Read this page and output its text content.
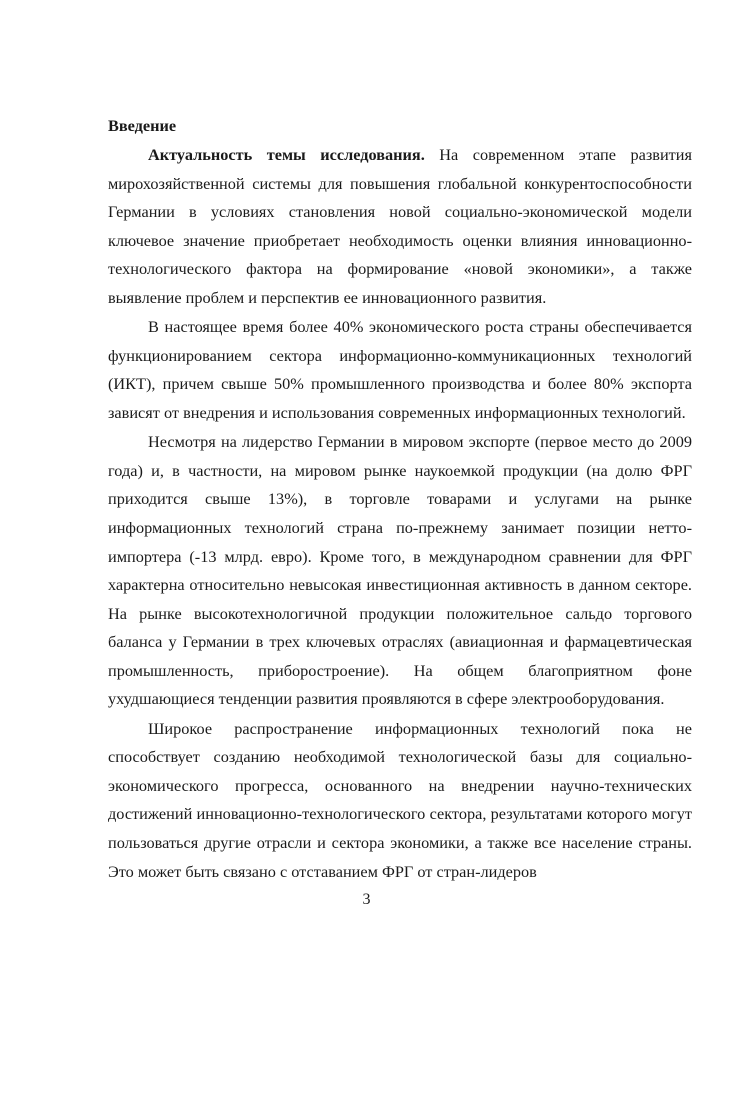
Введение

Актуальность темы исследования. На современном этапе развития мирохозяйственной системы для повышения глобальной конкурентоспособности Германии в условиях становления новой социально-экономической модели ключевое значение приобретает необходимость оценки влияния инновационно-технологического фактора на формирование «новой экономики», а также выявление проблем и перспектив ее инновационного развития.

В настоящее время более 40% экономического роста страны обеспечивается функционированием сектора информационно-коммуникационных технологий (ИКТ), причем свыше 50% промышленного производства и более 80% экспорта зависят от внедрения и использования современных информационных технологий.

Несмотря на лидерство Германии в мировом экспорте (первое место до 2009 года) и, в частности, на мировом рынке наукоемкой продукции (на долю ФРГ приходится свыше 13%), в торговле товарами и услугами на рынке информационных технологий страна по-прежнему занимает позиции нетто-импортера (-13 млрд. евро). Кроме того, в международном сравнении для ФРГ характерна относительно невысокая инвестиционная активность в данном секторе. На рынке высокотехнологичной продукции положительное сальдо торгового баланса у Германии в трех ключевых отраслях (авиационная и фармацевтическая промышленность, приборостроение). На общем благоприятном фоне ухудшающиеся тенденции развития проявляются в сфере электрооборудования.

Широкое распространение информационных технологий пока не способствует созданию необходимой технологической базы для социально-экономического прогресса, основанного на внедрении научно-технических достижений инновационно-технологического сектора, результатами которого могут пользоваться другие отрасли и сектора экономики, а также все население страны. Это может быть связано с отставанием ФРГ от стран-лидеров

3
